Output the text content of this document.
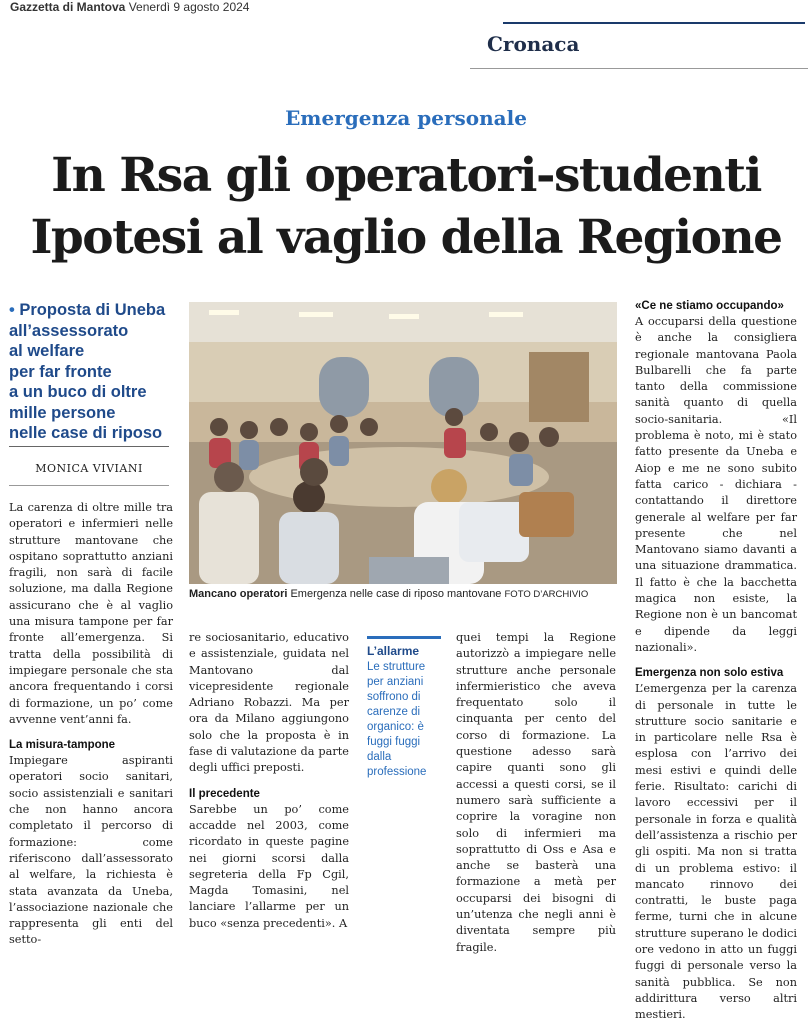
Gazzetta di Mantova Venerdì 9 agosto 2024
Cronaca
Emergenza personale
In Rsa gli operatori-studenti
Ipotesi al vaglio della Regione
• Proposta di Uneba
all’assessorato
al welfare
per far fronte
a un buco di oltre
mille persone
nelle case di riposo
MONICA VIVIANI

La carenza di oltre mille tra operatori e infermieri nelle strutture mantovane che ospitano soprattutto anziani fragili, non sarà di facile soluzione, ma dalla Regione assicurano che è al vaglio una misura tampone per far fronte all’emergenza. Si tratta della possibilità di impiegare personale che sta ancora frequentando i corsi di formazione, un po’ come avvenne vent’anni fa.

La misura-tampone

Impiegare aspiranti operatori socio sanitari, socio assistenziali e sanitari che non hanno ancora completato il percorso di formazione: come riferiscono dall’assessorato al welfare, la richiesta è stata avanzata da Uneba, l’associazione nazionale che rappresenta gli enti del setto-

Mancano operatori Emergenza nelle case di riposo mantovane FOTO D’ARCHIVIO

re sociosanitario, educativo e assistenziale, guidata nel Mantovano dal vicepresidente regionale Adriano Robazzi. Ma per ora da Milano aggiungono solo che la proposta è in fase di valutazione da parte degli uffici preposti.

Il precedente

Sarebbe un po’ come accadde nel 2003, come ricordato in queste pagine nei giorni scorsi dalla segreteria della Fp Cgil, Magda Tomasini, nel lanciare l’allarme per un buco «senza precedenti». A

L’allarme
Le strutture per anziani soffrono di carenze di organico: è fuggi fuggi dalla professione

quei tempi la Regione autorizzò a impiegare nelle strutture anche personale infermieristico che aveva frequentato solo il cinquanta per cento del corso di formazione. La questione adesso sarà capire quanti sono gli accessi a questi corsi, se il numero sarà sufficiente a coprire la voragine non solo di infermieri ma soprattutto di Oss e Asa e anche se basterà una formazione a metà per occuparsi dei bisogni di un’utenza che negli anni è diventata sempre più fragile.

«Ce ne stiamo occupando»

A occuparsi della questione è anche la consigliera regionale mantovana Paola Bulbarelli che fa parte tanto della commissione sanità quanto di quella socio-sanitaria. «Il problema è noto, mi è stato fatto presente da Uneba e Aiop e me ne sono subito fatta carico - dichiara - contattando il direttore generale al welfare per far presente che nel Mantovano siamo davanti a una situazione drammatica. Il fatto è che la bacchetta magica non esiste, la Regione non è un bancomat e dipende da leggi nazionali».

Emergenza non solo estiva

L’emergenza per la carenza di personale in tutte le strutture socio sanitarie e in particolare nelle Rsa è esplosa con l’arrivo dei mesi estivi e quindi delle ferie. Risultato: carichi di lavoro eccessivi per il personale in forza e qualità dell’assistenza a rischio per gli ospiti. Ma non si tratta di un problema estivo: il mancato rinnovo dei contratti, le buste paga ferme, turni che in alcune strutture superano le dodici ore vedono in atto un fuggi fuggi di personale verso la sanità pubblica. Se non addirittura verso altri mestieri.
